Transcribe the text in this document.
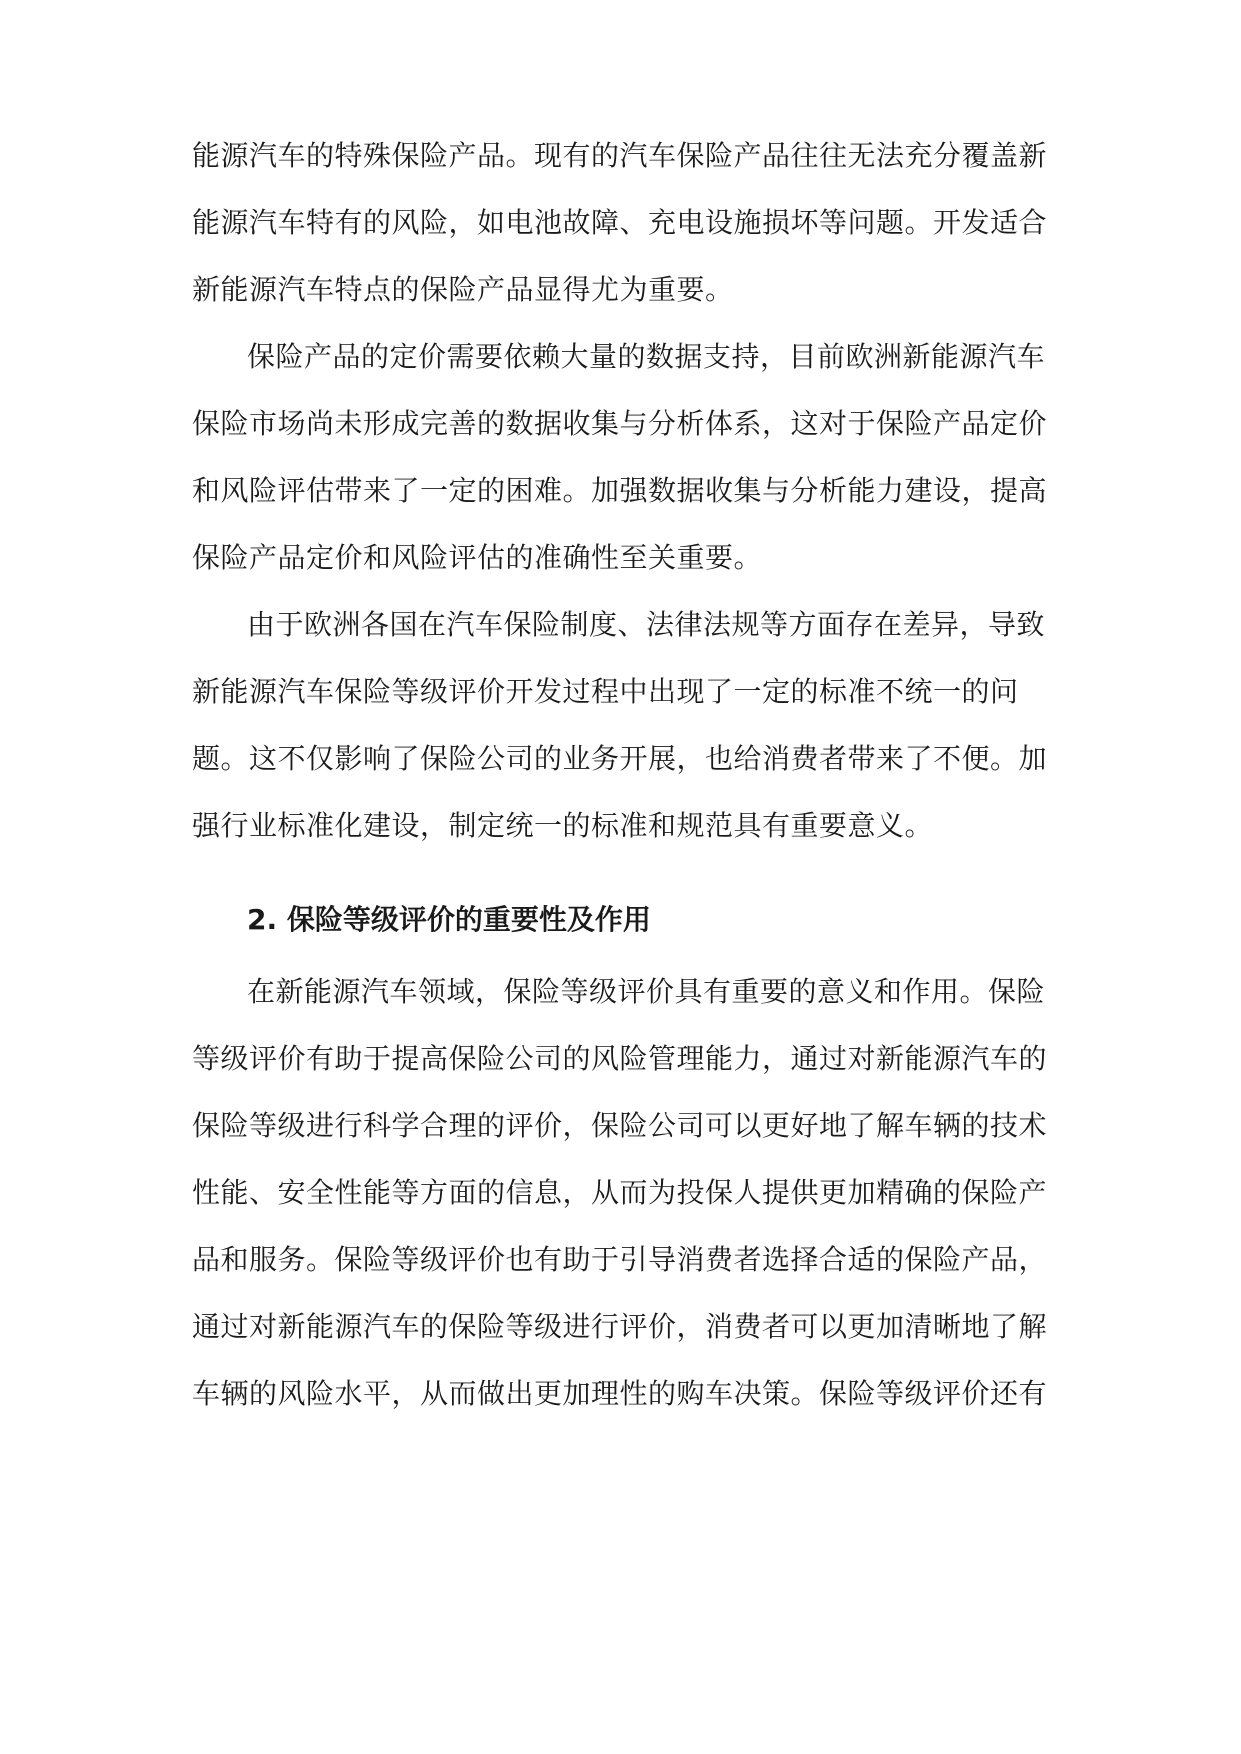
能源汽车的特殊保险产品。现有的汽车保险产品往往无法充分覆盖新
能源汽车特有的风险，如电池故障、充电设施损坏等问题。开发适合
新能源汽车特点的保险产品显得尤为重要。
保险产品的定价需要依赖大量的数据支持，目前欧洲新能源汽车
保险市场尚未形成完善的数据收集与分析体系，这对于保险产品定价
和风险评估带来了一定的困难。加强数据收集与分析能力建设，提高
保险产品定价和风险评估的准确性至关重要。
由于欧洲各国在汽车保险制度、法律法规等方面存在差异，导致
新能源汽车保险等级评价开发过程中出现了一定的标准不统一的问
题。这不仅影响了保险公司的业务开展，也给消费者带来了不便。加
强行业标准化建设，制定统一的标准和规范具有重要意义。
2. 保险等级评价的重要性及作用
在新能源汽车领域，保险等级评价具有重要的意义和作用。保险
等级评价有助于提高保险公司的风险管理能力，通过对新能源汽车的
保险等级进行科学合理的评价，保险公司可以更好地了解车辆的技术
性能、安全性能等方面的信息，从而为投保人提供更加精确的保险产
品和服务。保险等级评价也有助于引导消费者选择合适的保险产品，
通过对新能源汽车的保险等级进行评价，消费者可以更加清晰地了解
车辆的风险水平，从而做出更加理性的购车决策。保险等级评价还有
